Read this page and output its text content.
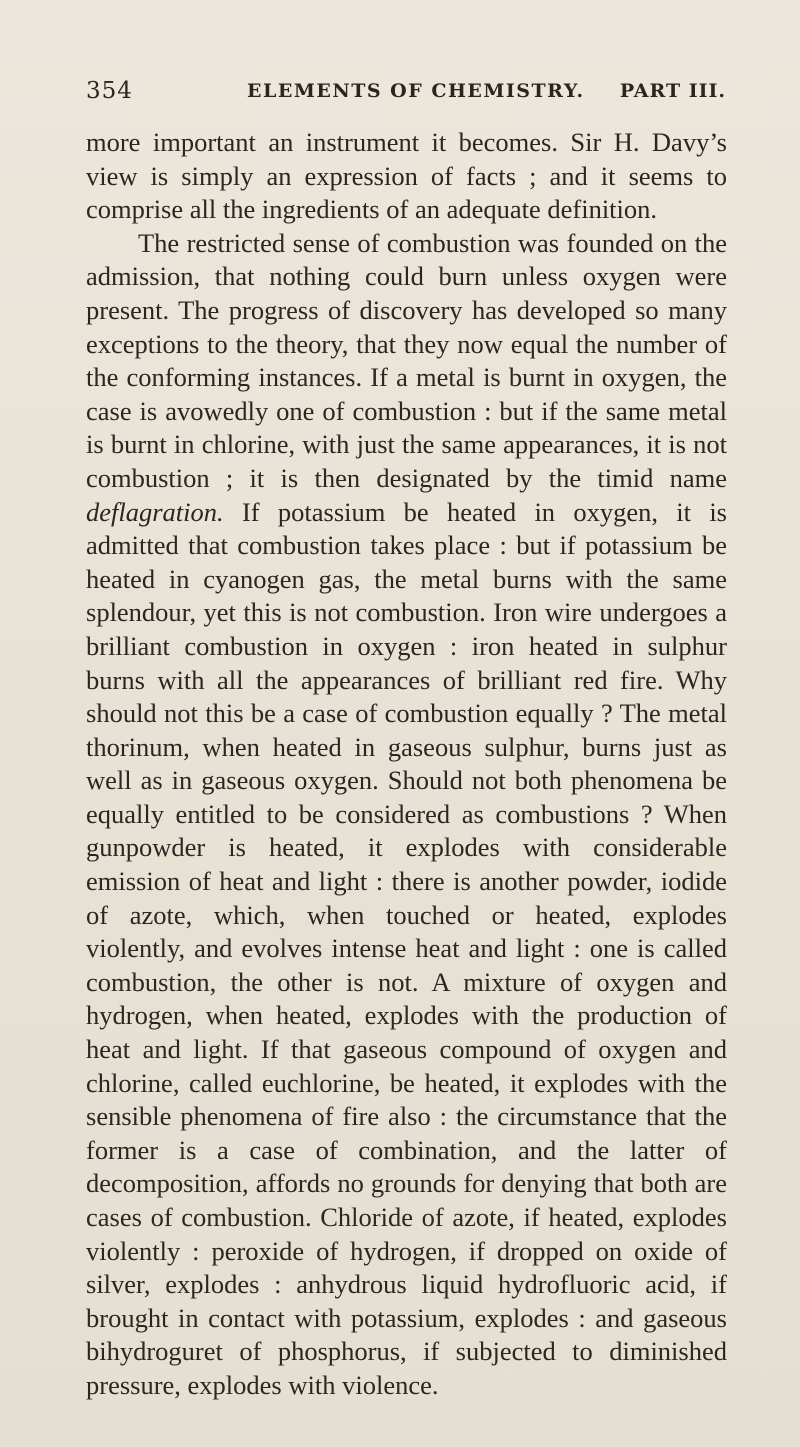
354	ELEMENTS OF CHEMISTRY. PART III.

more important an instrument it becomes. Sir H. Davy’s view is simply an expression of facts ; and it seems to comprise all the ingredients of an adequate definition.

The restricted sense of combustion was founded on the admission, that nothing could burn unless oxygen were present. The progress of discovery has developed so many exceptions to the theory, that they now equal the number of the conforming instances. If a metal is burnt in oxygen, the case is avowedly one of combustion : but if the same metal is burnt in chlorine, with just the same appearances, it is not combustion ; it is then designated by the timid name deflagration. If potassium be heated in oxygen, it is admitted that combustion takes place : but if potassium be heated in cyanogen gas, the metal burns with the same splendour, yet this is not combustion. Iron wire undergoes a brilliant combustion in oxygen : iron heated in sulphur burns with all the appearances of brilliant red fire. Why should not this be a case of combustion equally ? The metal thorinum, when heated in gaseous sulphur, burns just as well as in gaseous oxygen. Should not both phenomena be equally entitled to be considered as combustions ? When gunpowder is heated, it explodes with considerable emission of heat and light : there is another powder, iodide of azote, which, when touched or heated, explodes violently, and evolves intense heat and light : one is called combustion, the other is not. A mixture of oxygen and hydrogen, when heated, explodes with the production of heat and light. If that gaseous compound of oxygen and chlorine, called euchlorine, be heated, it explodes with the sensible phenomena of fire also : the circumstance that the former is a case of combination, and the latter of decomposition, affords no grounds for denying that both are cases of combustion. Chloride of azote, if heated, explodes violently : peroxide of hydrogen, if dropped on oxide of silver, explodes : anhydrous liquid hydrofluoric acid, if brought in contact with potassium, explodes : and gaseous bihydroguret of phosphorus, if subjected to diminished pressure, explodes with violence.
